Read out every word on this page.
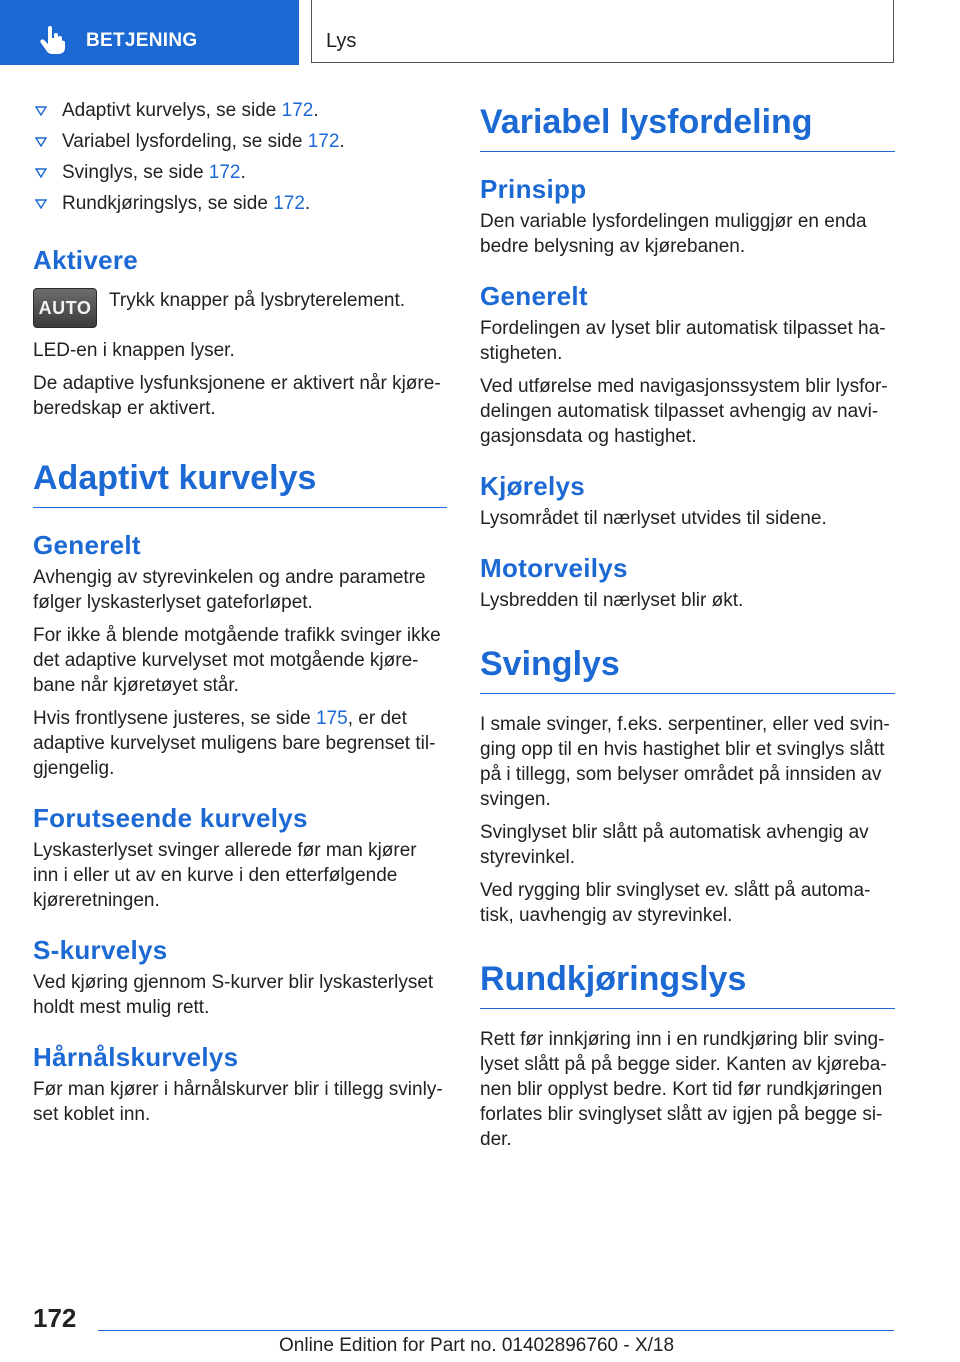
BETJENING	Lys
Adaptivt kurvelys, se side 172.
Variabel lysfordeling, se side 172.
Svinglys, se side 172.
Rundkjøringslys, se side 172.
Aktivere
AUTO Trykk knapper på lysbryterelement.

LED-en i knappen lyser.

De adaptive lysfunksjonene er aktivert når kjøreberedskap er aktivert.

Adaptivt kurvelys
Generelt

Avhengig av styrevinkelen og andre parametre følger lyskasterlyset gateforløpet.

For ikke å blende motgående trafikk svinger ikke det adaptive kurvelyset mot motgående kjørebane når kjøretøyet står.

Hvis frontlysene justeres, se side 175, er det adaptive kurvelyset muligens bare begrenset tilgjengelig.

Forutseende kurvelys

Lyskasterlyset svinger allerede før man kjører inn i eller ut av en kurve i den etterfølgende kjøreretningen.

S-kurvelys

Ved kjøring gjennom S-kurver blir lyskasterlyset holdt mest mulig rett.

Hårnålskurvelys

Før man kjører i hårnålskurver blir i tillegg svinlyset koblet inn.

Variabel lysfordeling
Prinsipp

Den variable lysfordelingen muliggjør en enda bedre belysning av kjørebanen.

Generelt

Fordelingen av lyset blir automatisk tilpasset hastigheten.

Ved utførelse med navigasjonssystem blir lysfordelingen automatisk tilpasset avhengig av navigasjonsdata og hastighet.

Kjørelys

Lysområdet til nærlyset utvides til sidene.

Motorveilys

Lysbredden til nærlyset blir økt.

Svinglys

I smale svinger, f.eks. serpentiner, eller ved svinging opp til en hvis hastighet blir et svinglys slått på i tillegg, som belyser området på innsiden av svingen.

Svinglyset blir slått på automatisk avhengig av styrevinkel.

Ved rygging blir svinglyset ev. slått på automatisk, uavhengig av styrevinkel.

Rundkjøringslys

Rett før innkjøring inn i en rundkjøring blir svinglyset slått på på begge sider. Kanten av kjørebanen blir opplyst bedre. Kort tid før rundkjøringen forlates blir svinglyset slått av igjen på begge sider.

172
Online Edition for Part no. 01402896760 - X/18
